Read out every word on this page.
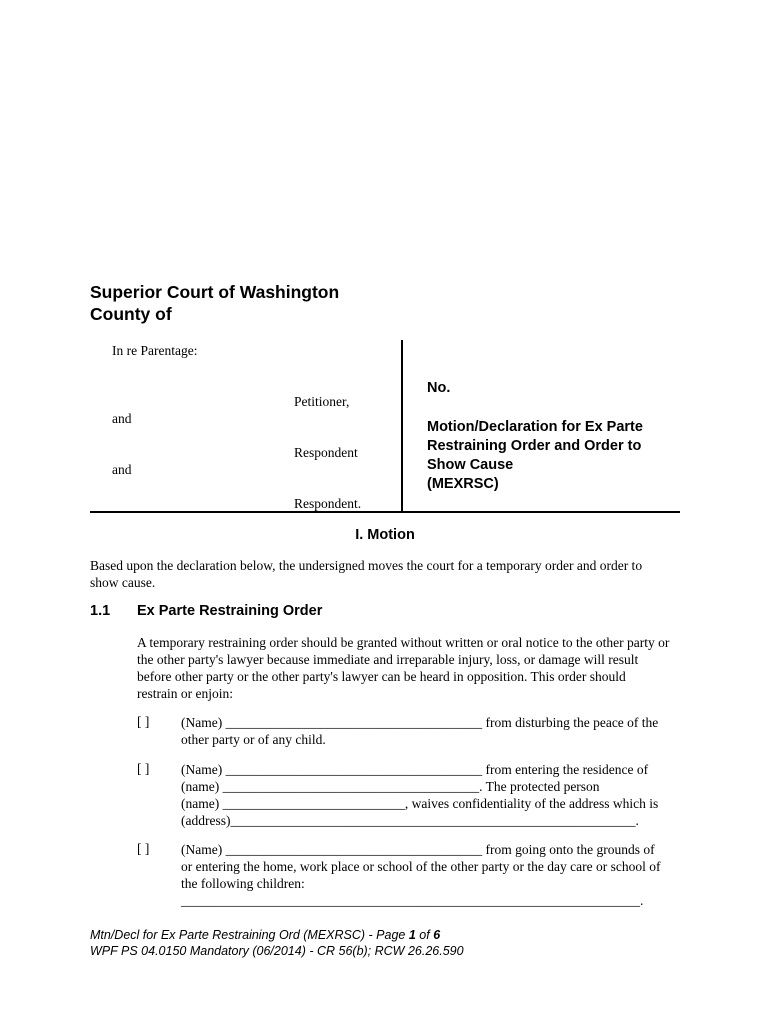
Superior Court of Washington
County of
In re Parentage:
Petitioner,
and
Respondent
and
Respondent.
No.
Motion/Declaration for Ex Parte
Restraining Order and Order to
Show Cause
(MEXRSC)
I. Motion
Based upon the declaration below, the undersigned moves the court for a temporary order and order to
show cause.
1.1 Ex Parte Restraining Order
A temporary restraining order should be granted without written or oral notice to the other party or
the other party's lawyer because immediate and irreparable injury, loss, or damage will result
before other party or the other party's lawyer can be heard in opposition. This order should
restrain or enjoin:
[ ] (Name) ______________________________________ from disturbing the peace of the

other party or of any child.

[ ] (Name) ______________________________________ from entering the residence of

(name) ______________________________________. The protected person

(name) ___________________________, waives confidentiality of the address which is

(address)____________________________________________________________.

[ ] (Name) ______________________________________ from going onto the grounds of

or entering the home, work place or school of the other party or the day care or school of

the following children:

____________________________________________________________________.

Mtn/Decl for Ex Parte Restraining Ord (MEXRSC) - Page 1 of 6
WPF PS 04.0150 Mandatory (06/2014) - CR 56(b); RCW 26.26.590
